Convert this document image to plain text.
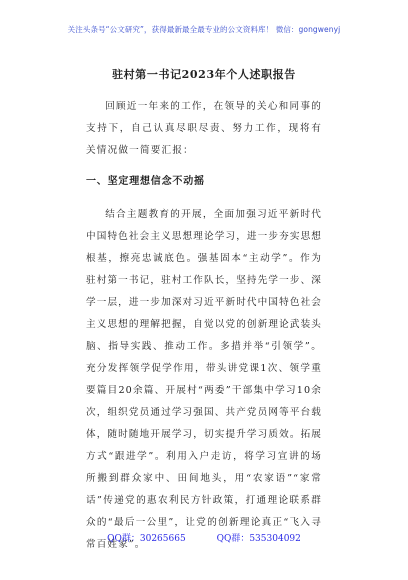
关注头条号“公文研究”，获得最新最全最专业的公文资料库！ 微信：gongwenyj
驻村第一书记2023年个人述职报告
回顾近一年来的工作，在领导的关心和同事的支持下，自己认真尽职尽责、努力工作，现将有关情况做一简要汇报：
一、坚定理想信念不动摇
结合主题教育的开展，全面加强习近平新时代中国特色社会主义思想理论学习，进一步夯实思想根基，擦亮忠诚底色。强基固本“主动学”。作为驻村第一书记，驻村工作队长，坚持先学一步、深学一层，进一步加深对习近平新时代中国特色社会主义思想的理解把握，自觉以党的创新理论武装头脑、指导实践、推动工作。多措并举“引领学”。充分发挥领学促学作用，带头讲党课1次、领学重要篇目20余篇、开展村“两委”干部集中学习10余次，组织党员通过学习强国、共产党员网等平台载体，随时随地开展学习，切实提升学习质效。拓展方式“跟进学”。利用入户走访，将学习宣讲的场所搬到群众家中、田间地头，用“农家语”“家常话”传递党的惠农利民方针政策，打通理论联系群众的“最后一公里”，让党的创新理论真正“飞入寻常百姓家”。
QQ群：30265665	QQ群：535304092
